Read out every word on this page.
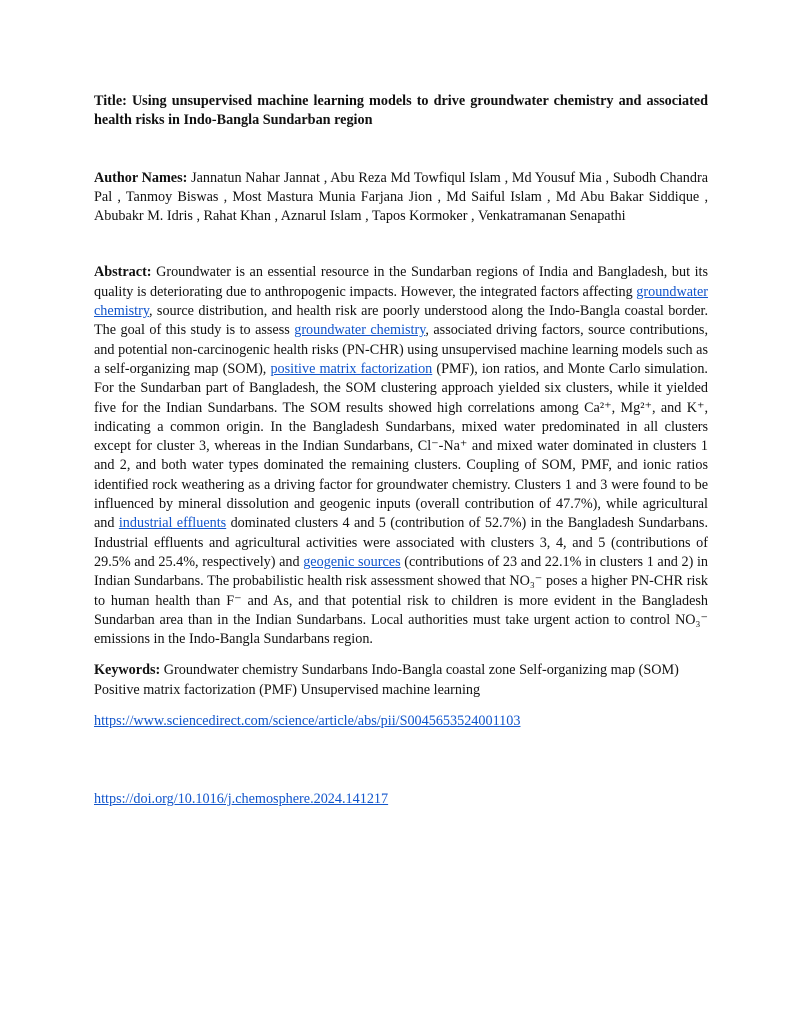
Title: Using unsupervised machine learning models to drive groundwater chemistry and associated health risks in Indo-Bangla Sundarban region

Author Names: Jannatun Nahar Jannat , Abu Reza Md Towfiqul Islam , Md Yousuf Mia , Subodh Chandra Pal , Tanmoy Biswas , Most Mastura Munia Farjana Jion , Md Saiful Islam , Md Abu Bakar Siddique , Abubakr M. Idris , Rahat Khan , Aznarul Islam , Tapos Kormoker , Venkatramanan Senapathi

Abstract: Groundwater is an essential resource in the Sundarban regions of India and Bangladesh, but its quality is deteriorating due to anthropogenic impacts. However, the integrated factors affecting groundwater chemistry, source distribution, and health risk are poorly understood along the Indo-Bangla coastal border. The goal of this study is to assess groundwater chemistry, associated driving factors, source contributions, and potential non-carcinogenic health risks (PN-CHR) using unsupervised machine learning models such as a self-organizing map (SOM), positive matrix factorization (PMF), ion ratios, and Monte Carlo simulation. For the Sundarban part of Bangladesh, the SOM clustering approach yielded six clusters, while it yielded five for the Indian Sundarbans. The SOM results showed high correlations among Ca²⁺, Mg²⁺, and K⁺, indicating a common origin. In the Bangladesh Sundarbans, mixed water predominated in all clusters except for cluster 3, whereas in the Indian Sundarbans, Cl⁻-Na⁺ and mixed water dominated in clusters 1 and 2, and both water types dominated the remaining clusters. Coupling of SOM, PMF, and ionic ratios identified rock weathering as a driving factor for groundwater chemistry. Clusters 1 and 3 were found to be influenced by mineral dissolution and geogenic inputs (overall contribution of 47.7%), while agricultural and industrial effluents dominated clusters 4 and 5 (contribution of 52.7%) in the Bangladesh Sundarbans. Industrial effluents and agricultural activities were associated with clusters 3, 4, and 5 (contributions of 29.5% and 25.4%, respectively) and geogenic sources (contributions of 23 and 22.1% in clusters 1 and 2) in Indian Sundarbans. The probabilistic health risk assessment showed that NO₃⁻ poses a higher PN-CHR risk to human health than F⁻ and As, and that potential risk to children is more evident in the Bangladesh Sundarban area than in the Indian Sundarbans. Local authorities must take urgent action to control NO₃⁻ emissions in the Indo-Bangla Sundarbans region.

Keywords: Groundwater chemistry Sundarbans Indo-Bangla coastal zone Self-organizing map (SOM) Positive matrix factorization (PMF) Unsupervised machine learning

https://www.sciencedirect.com/science/article/abs/pii/S0045653524001103

https://doi.org/10.1016/j.chemosphere.2024.141217
